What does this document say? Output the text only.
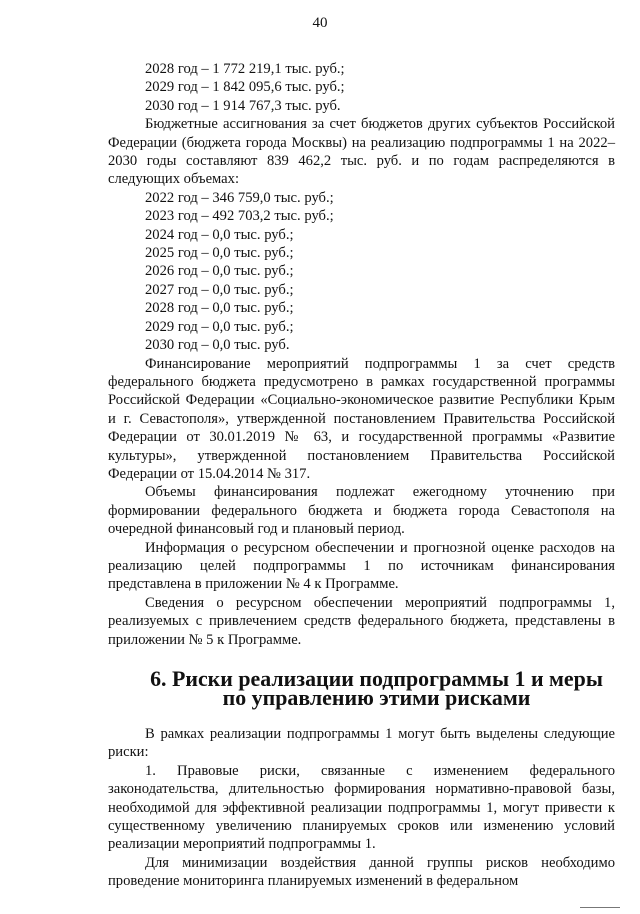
40
2028 год – 1 772 219,1 тыс. руб.;
2029 год – 1 842 095,6 тыс. руб.;
2030 год – 1 914 767,3 тыс. руб.

Бюджетные ассигнования за счет бюджетов других субъектов Российской Федерации (бюджета города Москвы) на реализацию подпрограммы 1 на 2022–2030 годы составляют 839 462,2 тыс. руб. и по годам распределяются в следующих объемах:

2022 год – 346 759,0 тыс. руб.;
2023 год – 492 703,2 тыс. руб.;
2024 год – 0,0 тыс. руб.;
2025 год – 0,0 тыс. руб.;
2026 год – 0,0 тыс. руб.;
2027 год – 0,0 тыс. руб.;
2028 год – 0,0 тыс. руб.;
2029 год – 0,0 тыс. руб.;
2030 год – 0,0 тыс. руб.

Финансирование мероприятий подпрограммы 1 за счет средств федерального бюджета предусмотрено в рамках государственной программы Российской Федерации «Социально-экономическое развитие Республики Крым и г. Севастополя», утвержденной постановлением Правительства Российской Федерации от 30.01.2019 № 63, и государственной программы «Развитие культуры», утвержденной постановлением Правительства Российской Федерации от 15.04.2014 № 317.

Объемы финансирования подлежат ежегодному уточнению при формировании федерального бюджета и бюджета города Севастополя на очередной финансовый год и плановый период.

Информация о ресурсном обеспечении и прогнозной оценке расходов на реализацию целей подпрограммы 1 по источникам финансирования представлена в приложении № 4 к Программе.

Сведения о ресурсном обеспечении мероприятий подпрограммы 1, реализуемых с привлечением средств федерального бюджета, представлены в приложении № 5 к Программе.

6. Риски реализации подпрограммы 1 и меры
по управлению этими рисками

В рамках реализации подпрограммы 1 могут быть выделены следующие риски:

1. Правовые риски, связанные с изменением федерального законодательства, длительностью формирования нормативно-правовой базы, необходимой для эффективной реализации подпрограммы 1, могут привести к существенному увеличению планируемых сроков или изменению условий реализации мероприятий подпрограммы 1.

Для минимизации воздействия данной группы рисков необходимо проведение мониторинга планируемых изменений в федеральном
